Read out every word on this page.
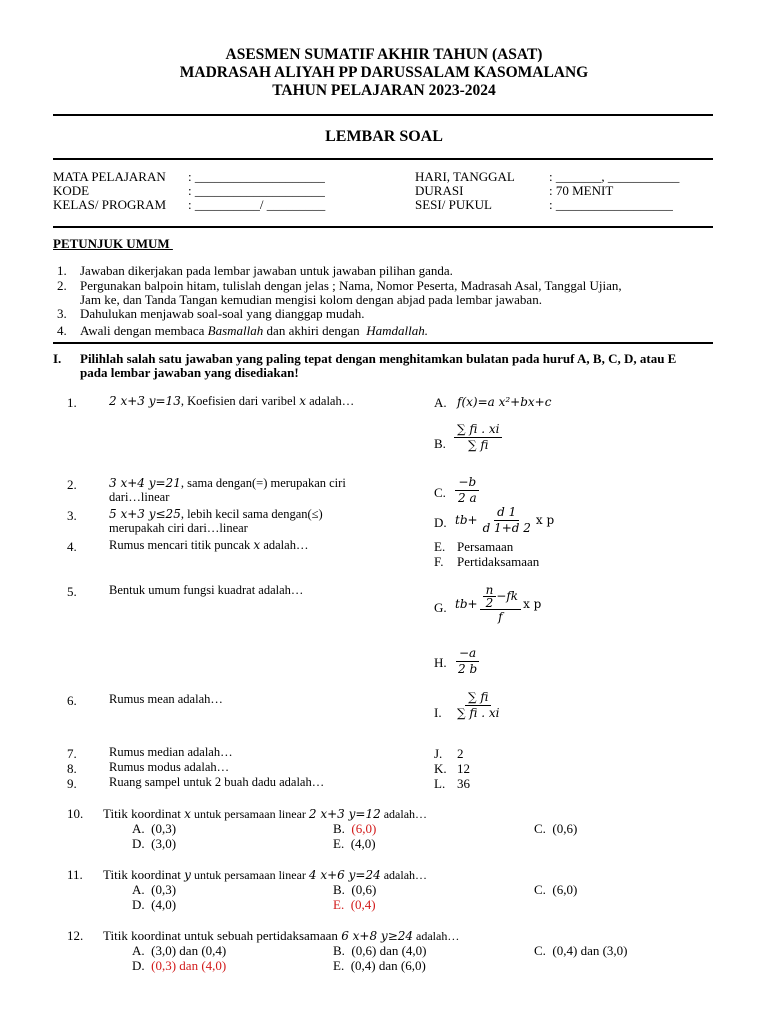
ASESMEN SUMATIF AKHIR TAHUN (ASAT)
MADRASAH ALIYAH PP DARUSSALAM KASOMALANG
TAHUN PELAJARAN 2023-2024
LEMBAR SOAL
MATA PELAJARAN : ____________________
KODE	: ____________________
KELAS/ PROGRAM : __________/ _________
HARI, TANGGAL	: _______, ___________
DURASI	: 70 MENIT
SESI/ PUKUL	: __________________
PETUNJUK UMUM
1. Jawaban dikerjakan pada lembar jawaban untuk jawaban pilihan ganda.
2. Pergunakan balpoin hitam, tulislah dengan jelas ; Nama, Nomor Peserta, Madrasah Asal, Tanggal Ujian,
Jam ke, dan Tanda Tangan kemudian mengisi kolom dengan abjad pada lembar jawaban.
3. Dahulukan menjawab soal-soal yang dianggap mudah.
4. Awali dengan membaca Basmallah dan akhiri dengan  Hamdallah.
I. Pilihlah salah satu jawaban yang paling tepat dengan menghitamkan bulatan pada huruf A, B, C, D, atau E
pada lembar jawaban yang disediakan!
1.	2 x+3 y=13, Koefisien dari varibel x adalah…
2.	3 x+4 y=21, sama dengan(=) merupakan ciri
dari…linear
3.	5 x+3 y≤25, lebih kecil sama dengan(≤)
merupakah ciri dari…linear
4.	Rumus mencari titik puncak x adalah…
5.	Bentuk umum fungsi kuadrat adalah…
6.	Rumus mean adalah…
7.	Rumus median adalah…
8.	Rumus modus adalah…
9.	Ruang sampel untuk 2 buah dadu adalah…
A. f(x)=a x²+bx+c
B. $\frac{\sum fi . xi}{\sum fi}$
C. $\frac{-b}{2 a}$
D. $tb+ \frac{d 1}{d 1+d 2}$ x p
E. Persamaan
F. Pertidaksamaan
G. $tb+ \frac{\frac{n}{2} -fk}{f}$ x p
H. $\frac{-a}{2 b}$
I. $\frac{\sum fi}{\sum fi . xi}$
J. 2
K. 12
L. 36
10. Titik koordinat x untuk persamaan linear 2 x+3 y=12 adalah…
A. (0,3)	B. (6,0)	C. (0,6)
D. (3,0)	E. (4,0)
11. Titik koordinat y untuk persamaan linear 4 x+6 y=24 adalah…
A. (0,3)	B. (0,6)	C. (6,0)
D. (4,0)	E. (0,4)
12. Titik koordinat untuk sebuah pertidaksamaan 6 x+8 y≥24 adalah…
A. (3,0) dan (0,4)	B. (0,6) dan (4,0)	C. (0,4) dan (3,0)
D. (0,3) dan (4,0)	E. (0,4) dan (6,0)
